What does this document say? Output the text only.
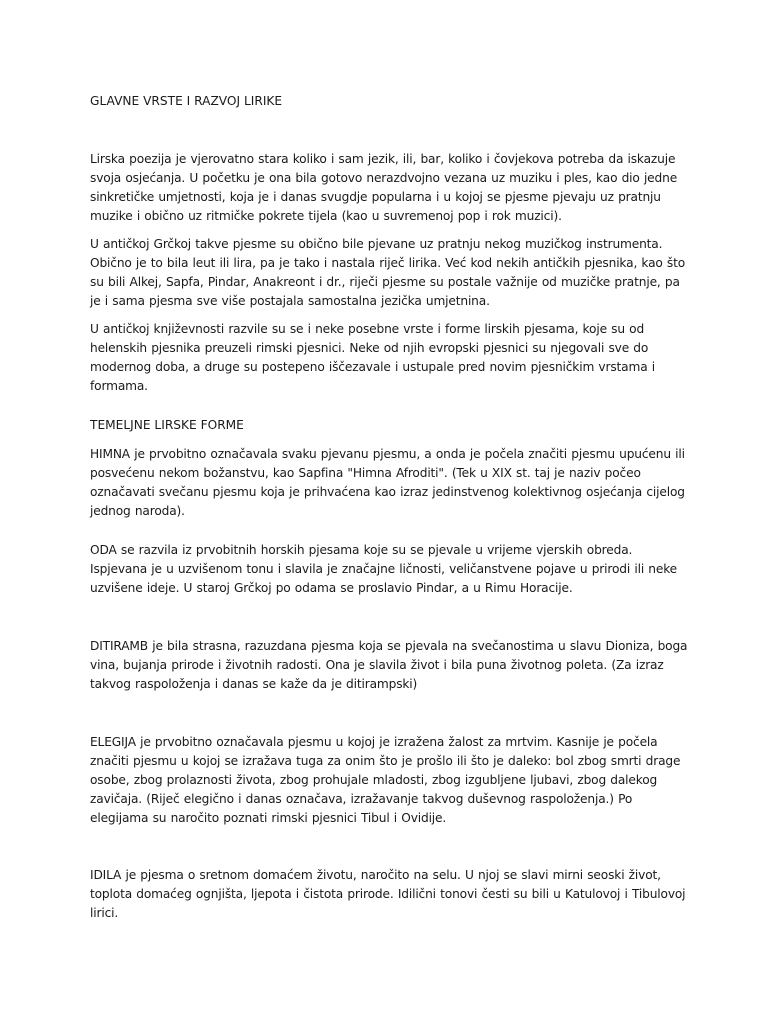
GLAVNE VRSTE I RAZVOJ LIRIKE

Lirska poezija je vjerovatno stara koliko i sam jezik, ili, bar, koliko i čovjekova potreba da iskazuje svoja osjećanja. U početku je ona bila gotovo nerazdvojno vezana uz muziku i ples, kao dio jedne sinkretičke umjetnosti, koja je i danas svugdje popularna i u kojoj se pjesme pjevaju uz pratnju muzike i obično uz ritmičke pokrete tijela (kao u suvremenoj pop i rok muzici).

U antičkoj Grčkoj takve pjesme su obično bile pjevane uz pratnju nekog muzičkog instrumenta. Obično je to bila leut ili lira, pa je tako i nastala riječ lirika. Već kod nekih antičkih pjesnika, kao što su bili Alkej, Sapfa, Pindar, Anakreont i dr., riječi pjesme su postale važnije od muzičke pratnje, pa je i sama pjesma sve više postajala samostalna jezička umjetnina.

U antičkoj književnosti razvile su se i neke posebne vrste i forme lirskih pjesama, koje su od helenskih pjesnika preuzeli rimski pjesnici. Neke od njih evropski pjesnici su njegovali sve do modernog doba, a druge su postepeno iščezavale i ustupale pred novim pjesničkim vrstama i formama.

TEMELJNE LIRSKE FORME

HIMNA je prvobitno označavala svaku pjevanu pjesmu, a onda je počela značiti pjesmu upućenu ili posvećenu nekom božanstvu, kao Sapfina "Himna Afroditi". (Tek u XIX st. taj je naziv počeo označavati svečanu pjesmu koja je prihvaćena kao izraz jedinstvenog kolektivnog osjećanja cijelog jednog naroda).

ODA se razvila iz prvobitnih horskih pjesama koje su se pjevale u vrijeme vjerskih obreda. Ispjevana je u uzvišenom tonu i slavila je značajne ličnosti, veličanstvene pojave u prirodi ili neke uzvišene ideje. U staroj Grčkoj po odama se proslavio Pindar, a u Rimu Horacije.

DITIRAMB je bila strasna, razuzdana pjesma koja se pjevala na svečanostima u slavu Dioniza, boga vina, bujanja prirode i životnih radosti. Ona je slavila život i bila puna životnog poleta. (Za izraz takvog raspoloženja i danas se kaže da je ditirampski)

ELEGIJA je prvobitno označavala pjesmu u kojoj je izražena žalost za mrtvim. Kasnije je počela značiti pjesmu u kojoj se izražava tuga za onim što je prošlo ili što je daleko: bol zbog smrti drage osobe, zbog prolaznosti života, zbog prohujale mladosti, zbog izgubljene ljubavi, zbog dalekog zavičaja. (Riječ elegično i danas označava, izražavanje takvog duševnog raspoloženja.) Po elegijama su naročito poznati rimski pjesnici Tibul i Ovidije.

IDILA je pjesma o sretnom domaćem životu, naročito na selu. U njoj se slavi mirni seoski život, toplota domaćeg ognjišta, ljepota i čistota prirode. Idilični tonovi česti su bili u Katulovoj i Tibulovoj lirici.
